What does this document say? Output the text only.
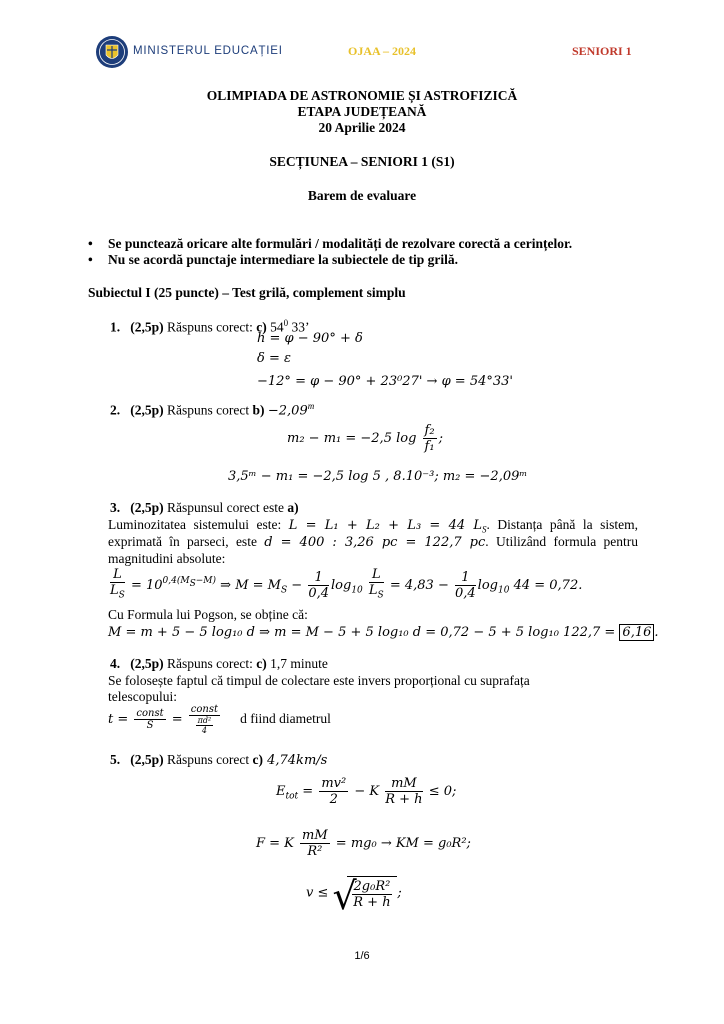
MINISTERUL EDUCAȚIEI	OJAA – 2024	SENIORI 1
OLIMPIADA DE ASTRONOMIE ȘI ASTROFIZICĂ
ETAPA JUDEȚEANĂ
20 Aprilie 2024
SECȚIUNEA – SENIORI 1 (S1)
Barem de evaluare
• Se punctează oricare alte formulări / modalități de rezolvare corectă a cerințelor.
• Nu se acordă punctaje intermediare la subiectele de tip grilă.
Subiectul I (25 puncte) – Test grilă, complement simplu
1. (2,5p) Răspuns corect: c) $54^0$ 33’
h = φ − 90° + δ
δ = ε
−12° = φ − 90° + 23⁰27' → φ = 54°33'
2. (2,5p) Răspuns corect $b) -2,09^m$
m₂ − m₁ = −2,5 $\log \frac{\text{f₂}}{\text{f₁}}$ ;
3,5ᵐ − m₁ = −2,5 log 5 , 8.10⁻³; m₂ = −2,09ᵐ
3. (2,5p) Răspunsul corect este a)
Luminozitatea sistemului este: L = L₁ + L₂ + L₃ = 44 $L_S$. Distanța până la sistem,
exprimată în parseci, este d = 400 : 3,26 pc = 122,7 pc. Utilizând formula pentru
magnitudini absolute:
$\frac{L}{L_S} = 10^{0,4(M_S-M)}$ ⇒ $M = M_S - \frac{1}{0,4} \log_{10} \frac{L}{L_S} = 4,83 - \frac{1}{0,4} \log_{10} 44 = 0,72$.
Cu Formula lui Pogson, se obține că:
M = m + 5 − 5 log₁₀ d ⇒ m = M − 5 + 5 log₁₀ d = 0,72 − 5 + 5 log₁₀ 122,7 = 6,16 .
4. (2,5p) Răspuns corect: c) 1,7 minute
Se folosește faptul că timpul de colectare este invers proporțional cu suprafața
telescopului:
$t = \frac{\text{const}}{S} = \frac{\text{const}}{\frac{\text{πd²}}{4}}$ d fiind diametrul
5. (2,5p) Răspuns corect c) 4,74km/s
$E_{tot} = \frac{\text{mv²}}{2} - K \frac{mM}{R + h} \le 0$;
F = K $\frac{mM}{\text{R²}} = mg_0$ → KM = g₀R²;
v ≤ √
$\frac{\text{2g₀R²}}{R + h}$ ;
1/6
